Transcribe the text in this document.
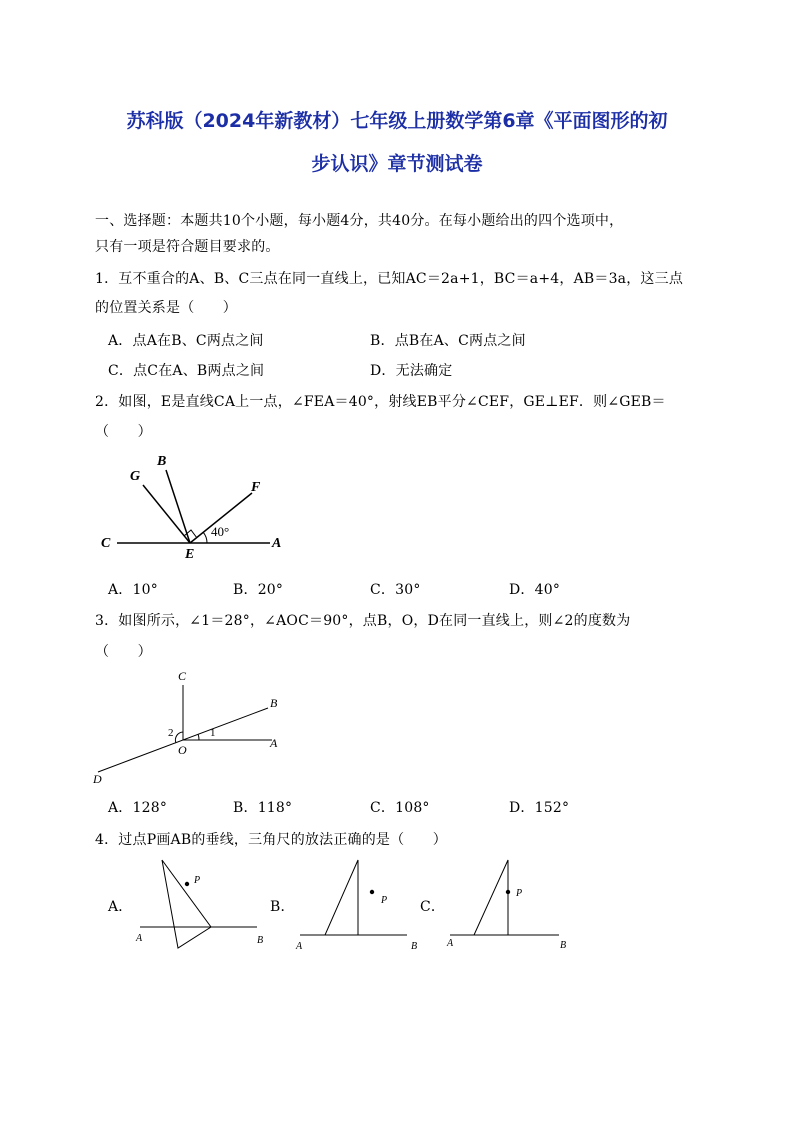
苏科版（2024年新教材）七年级上册数学第6章《平面图形的初
步认识》章节测试卷
一、选择题：本题共10个小题，每小题4分，共40分。在每小题给出的四个选项中，
只有一项是符合题目要求的。
1．互不重合的A、B、C三点在同一直线上，已知AC＝2a+1，BC＝a+4，AB＝3a，这三点
的位置关系是（　　）
A．点A在B、C两点之间	B．点B在A、C两点之间
C．点C在A、B两点之间	D．无法确定
2．如图，E是直线CA上一点，∠FEA＝40°，射线EB平分∠CEF，GE⊥EF．则∠GEB＝
（　　）
G
B
F
C
E
A
40°
A．10°	B．20°	C．30°	D．40°
3．如图所示，∠1＝28°，∠AOC＝90°，点B，O，D在同一直线上，则∠2的度数为
（　　）
C
B
O	A
D
1
2
A．128°	B．118°	C．108°	D．152°
4．过点P画AB的垂线，三角尺的放法正确的是（　　）
A．
P
A	B
B．	P
A	B
C．
P
A	B
